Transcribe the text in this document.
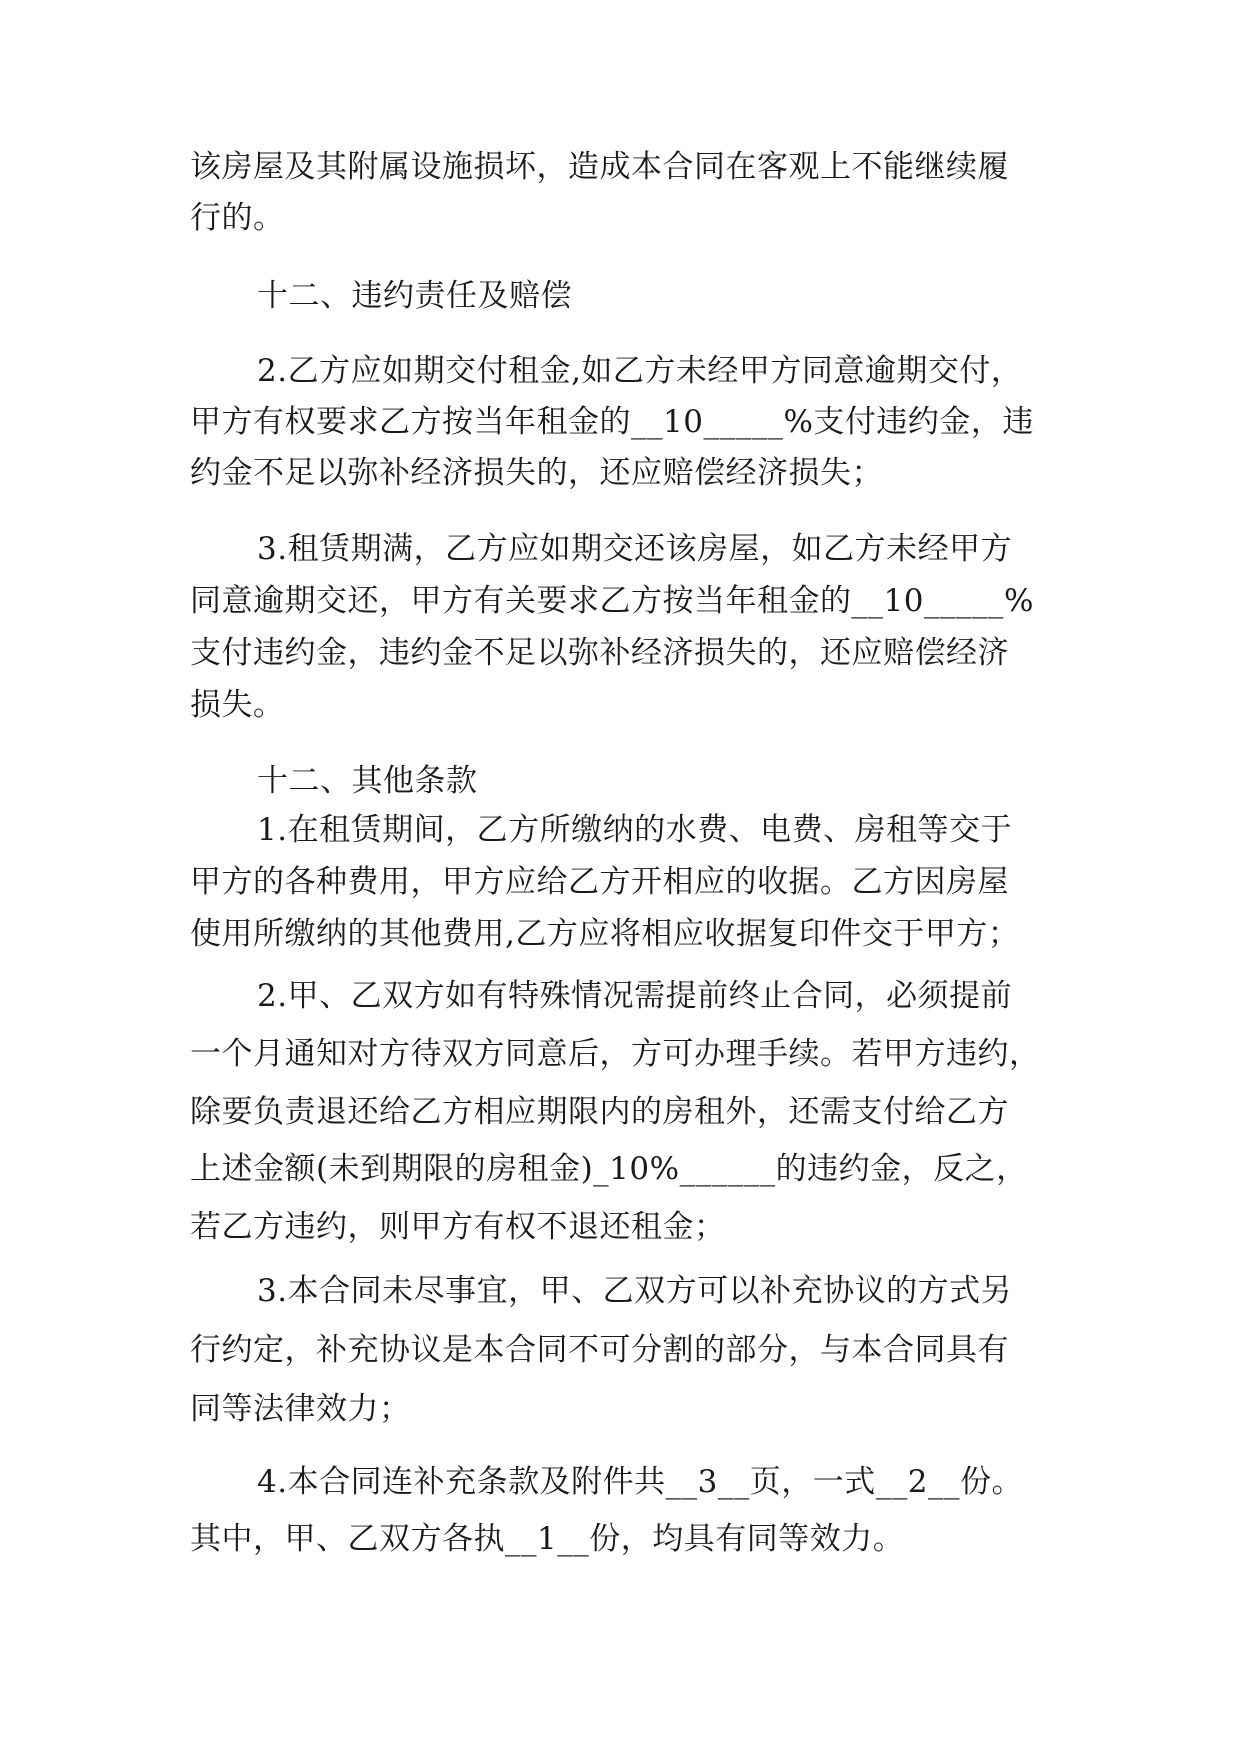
该房屋及其附属设施损坏，造成本合同在客观上不能继续履
行的。
十二、违约责任及赔偿
2.乙方应如期交付租金,如乙方未经甲方同意逾期交付，
甲方有权要求乙方按当年租金的__10_____%支付违约金，违
约金不足以弥补经济损失的，还应赔偿经济损失；
3.租赁期满，乙方应如期交还该房屋，如乙方未经甲方
同意逾期交还，甲方有关要求乙方按当年租金的__10_____%
支付违约金，违约金不足以弥补经济损失的，还应赔偿经济
损失。
十二、其他条款
1.在租赁期间，乙方所缴纳的水费、电费、房租等交于
甲方的各种费用，甲方应给乙方开相应的收据。乙方因房屋
使用所缴纳的其他费用,乙方应将相应收据复印件交于甲方；
2.甲、乙双方如有特殊情况需提前终止合同，必须提前
一个月通知对方待双方同意后，方可办理手续。若甲方违约，
除要负责退还给乙方相应期限内的房租外，还需支付给乙方
上述金额(未到期限的房租金)_10%______的违约金，反之，
若乙方违约，则甲方有权不退还租金；
3.本合同未尽事宜，甲、乙双方可以补充协议的方式另
行约定，补充协议是本合同不可分割的部分，与本合同具有
同等法律效力；
4.本合同连补充条款及附件共__3__页，一式__2__份。
其中，甲、乙双方各执__1__份，均具有同等效力。
